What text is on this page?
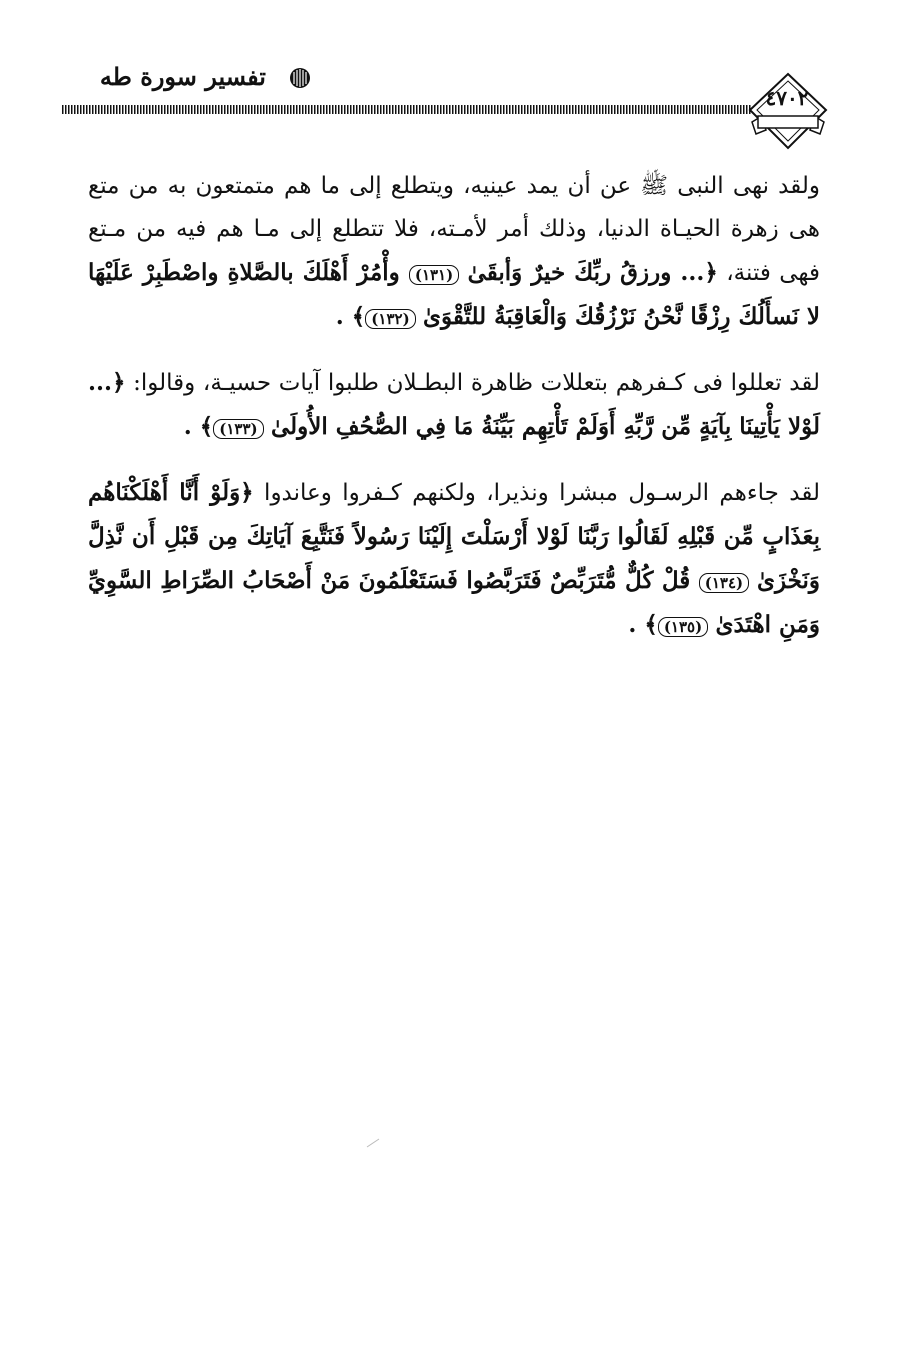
تفسير سورة طه
٤٧٠٢

ولقد نهى النبى ﷺ عن أن يمد عينيه، ويتطلع إلى ما هم متمتعون به من متع هى زهرة الحيـاة الدنيا، وذلك أمر لأمـته، فلا تتطلع إلى مـا هم فيه من مـتع فهى فتنة، ﴿... ورزقُ ربِّكَ خيرٌ وَأبقَىٰ (١٣١) وأْمُرْ أَهْلَكَ بالصَّلاةِ واصْطَبِرْ عَلَيْهَا لا نَسأَلُكَ رِزْقًا نَّحْنُ نَرْزُقُكَ وَالْعَاقِبَةُ للتَّقْوَىٰ (١٣٢)﴾ .

لقد تعللوا فى كـفرهم بتعللات ظاهرة البطـلان طلبوا آيات حسيـة، وقالوا: ﴿... لَوْلا يَأْتِينَا بِآيَةٍ مِّن رَّبِّهِ أَوَلَمْ تَأْتِهِم بَيِّنَةُ مَا فِي الصُّحُفِ الأُولَىٰ (١٣٣)﴾ .

لقد جاءهم الرسـول مبشرا ونذيرا، ولكنهم كـفروا وعاندوا ﴿وَلَوْ أَنَّا أَهْلَكْنَاهُم بِعَذَابٍ مِّن قَبْلِهِ لَقَالُوا رَبَّنَا لَوْلا أَرْسَلْتَ إِلَيْنَا رَسُولاً فَنَتَّبِعَ آيَاتِكَ مِن قَبْلِ أَن نَّذِلَّ وَنَخْزَىٰ (١٣٤) قُلْ كُلٌّ مُّتَرَبِّصٌ فَتَرَبَّصُوا فَسَتَعْلَمُونَ مَنْ أَصْحَابُ الصِّرَاطِ السَّوِيِّ وَمَنِ اهْتَدَىٰ (١٣٥)﴾ .
